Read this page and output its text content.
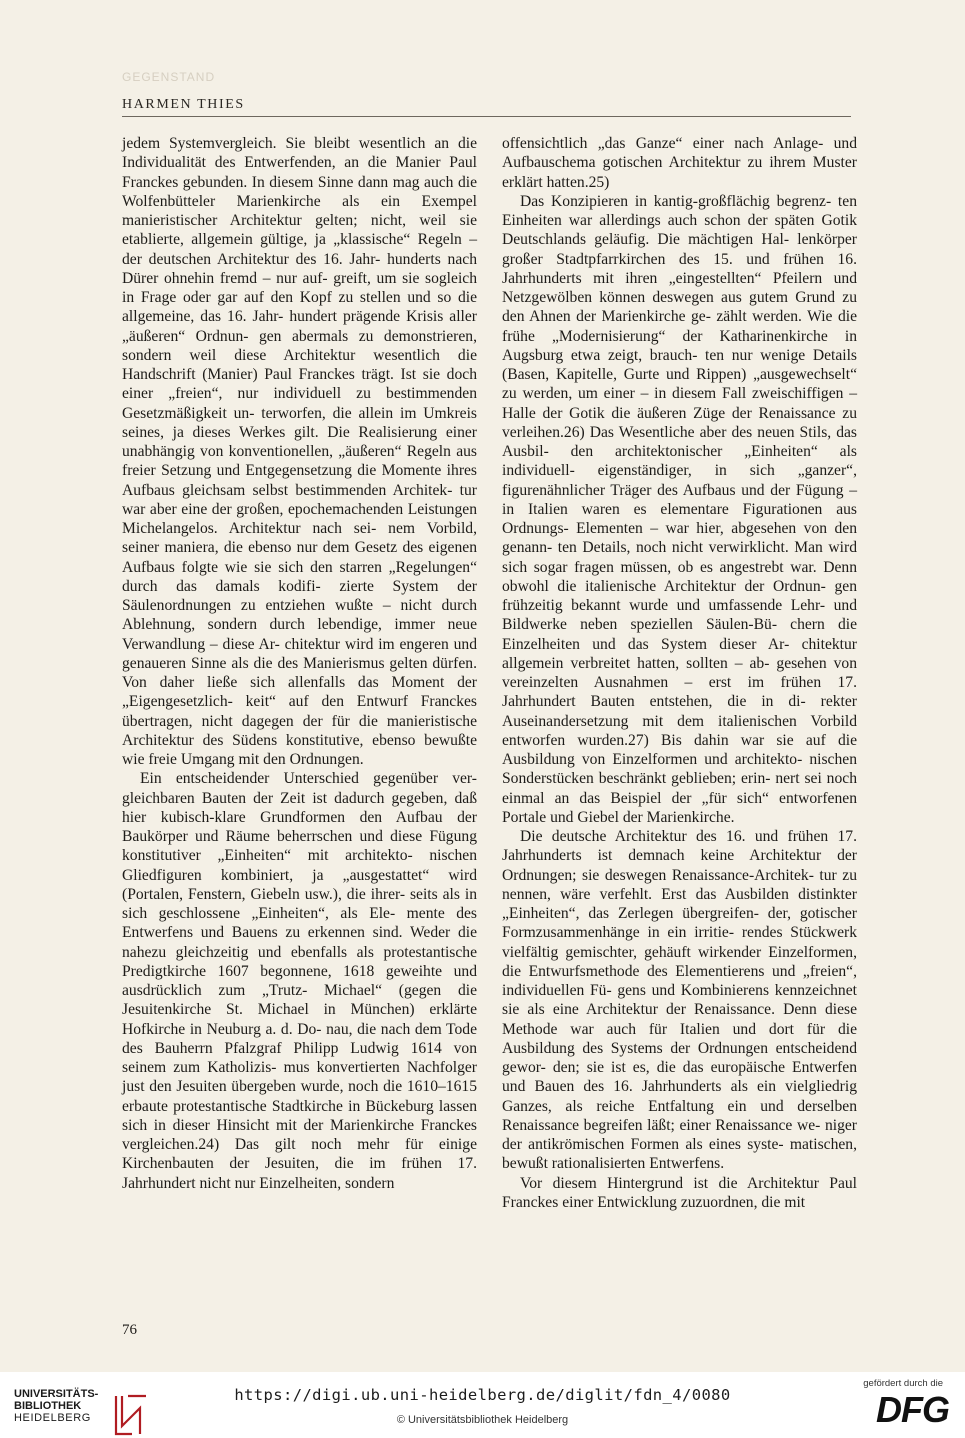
GEGENSTAND
HARMEN THIES

jedem Systemvergleich. Sie bleibt wesentlich an die Individualität des Entwerfenden, an die Manier Paul Franckes gebunden. In diesem Sinne dann mag auch die Wolfenbütteler Marienkirche als ein Exempel manieristischer Architektur gelten; nicht, weil sie etablierte, allgemein gültige, ja „klassische“ Regeln – der deutschen Architektur des 16. Jahr- hunderts nach Dürer ohnehin fremd – nur auf- greift, um sie sogleich in Frage oder gar auf den Kopf zu stellen und so die allgemeine, das 16. Jahr- hundert prägende Krisis aller „äußeren“ Ordnun- gen abermals zu demonstrieren, sondern weil diese Architektur wesentlich die Handschrift (Manier) Paul Franckes trägt. Ist sie doch einer „freien“, nur individuell zu bestimmenden Gesetzmäßigkeit un- terworfen, die allein im Umkreis seines, ja dieses Werkes gilt. Die Realisierung einer unabhängig von konventionellen, „äußeren“ Regeln aus freier Setzung und Entgegensetzung die Momente ihres Aufbaus gleichsam selbst bestimmenden Architek- tur war aber eine der großen, epochemachenden Leistungen Michelangelos. Architektur nach sei- nem Vorbild, seiner maniera, die ebenso nur dem Gesetz des eigenen Aufbaus folgte wie sie sich den starren „Regelungen“ durch das damals kodifi- zierte System der Säulenordnungen zu entziehen wußte – nicht durch Ablehnung, sondern durch lebendige, immer neue Verwandlung – diese Ar- chitektur wird im engeren und genaueren Sinne als die des Manierismus gelten dürfen. Von daher ließe sich allenfalls das Moment der „Eigengesetzlich- keit“ auf den Entwurf Franckes übertragen, nicht dagegen der für die manieristische Architektur des Südens konstitutive, ebenso bewußte wie freie Umgang mit den Ordnungen.

Ein entscheidender Unterschied gegenüber ver- gleichbaren Bauten der Zeit ist dadurch gegeben, daß hier kubisch-klare Grundformen den Aufbau der Baukörper und Räume beherrschen und diese Fügung konstitutiver „Einheiten“ mit architekto- nischen Gliedfiguren kombiniert, ja „ausgestattet“ wird (Portalen, Fenstern, Giebeln usw.), die ihrer- seits als in sich geschlossene „Einheiten“, als Ele- mente des Entwerfens und Bauens zu erkennen sind. Weder die nahezu gleichzeitig und ebenfalls als protestantische Predigtkirche 1607 begonnene, 1618 geweihte und ausdrücklich zum „Trutz- Michael“ (gegen die Jesuitenkirche St. Michael in München) erklärte Hofkirche in Neuburg a. d. Do- nau, die nach dem Tode des Bauherrn Pfalzgraf Philipp Ludwig 1614 von seinem zum Katholizis- mus konvertierten Nachfolger just den Jesuiten übergeben wurde, noch die 1610–1615 erbaute protestantische Stadtkirche in Bückeburg lassen sich in dieser Hinsicht mit der Marienkirche Franckes vergleichen.24) Das gilt noch mehr für einige Kirchenbauten der Jesuiten, die im frühen 17. Jahrhundert nicht nur Einzelheiten, sondern

offensichtlich „das Ganze“ einer nach Anlage- und Aufbauschema gotischen Architektur zu ihrem Muster erklärt hatten.25)

Das Konzipieren in kantig-großflächig begrenz- ten Einheiten war allerdings auch schon der späten Gotik Deutschlands geläufig. Die mächtigen Hal- lenkörper großer Stadtpfarrkirchen des 15. und frühen 16. Jahrhunderts mit ihren „eingestellten“ Pfeilern und Netzgewölben können deswegen aus gutem Grund zu den Ahnen der Marienkirche ge- zählt werden. Wie die frühe „Modernisierung“ der Katharinenkirche in Augsburg etwa zeigt, brauch- ten nur wenige Details (Basen, Kapitelle, Gurte und Rippen) „ausgewechselt“ zu werden, um einer – in diesem Fall zweischiffigen – Halle der Gotik die äußeren Züge der Renaissance zu verleihen.26) Das Wesentliche aber des neuen Stils, das Ausbil- den architektonischer „Einheiten“ als individuell- eigenständiger, in sich „ganzer“, figurenähnlicher Träger des Aufbaus und der Fügung – in Italien waren es elementare Figurationen aus Ordnungs- Elementen – war hier, abgesehen von den genann- ten Details, noch nicht verwirklicht. Man wird sich sogar fragen müssen, ob es angestrebt war. Denn obwohl die italienische Architektur der Ordnun- gen frühzeitig bekannt wurde und umfassende Lehr- und Bildwerke neben speziellen Säulen-Bü- chern die Einzelheiten und das System dieser Ar- chitektur allgemein verbreitet hatten, sollten – ab- gesehen von vereinzelten Ausnahmen – erst im frühen 17. Jahrhundert Bauten entstehen, die in di- rekter Auseinandersetzung mit dem italienischen Vorbild entworfen wurden.27) Bis dahin war sie auf die Ausbildung von Einzelformen und architekto- nischen Sonderstücken beschränkt geblieben; erin- nert sei noch einmal an das Beispiel der „für sich“ entworfenen Portale und Giebel der Marienkirche.

Die deutsche Architektur des 16. und frühen 17. Jahrhunderts ist demnach keine Architektur der Ordnungen; sie deswegen Renaissance-Architek- tur zu nennen, wäre verfehlt. Erst das Ausbilden distinkter „Einheiten“, das Zerlegen übergreifen- der, gotischer Formzusammenhänge in ein irritie- rendes Stückwerk vielfältig gemischter, gehäuft wirkender Einzelformen, die Entwurfsmethode des Elementierens und „freien“, individuellen Fü- gens und Kombinierens kennzeichnet sie als eine Architektur der Renaissance. Denn diese Methode war auch für Italien und dort für die Ausbildung des Systems der Ordnungen entscheidend gewor- den; sie ist es, die das europäische Entwerfen und Bauen des 16. Jahrhunderts als ein vielgliedrig Ganzes, als reiche Entfaltung ein und derselben Renaissance begreifen läßt; einer Renaissance we- niger der antikrömischen Formen als eines syste- matischen, bewußt rationalisierten Entwerfens.

Vor diesem Hintergrund ist die Architektur Paul Franckes einer Entwicklung zuzuordnen, die mit

76
UNIVERSITÄTS-
BIBLIOTHEK
HEIDELBERG
https://digi.ub.uni-heidelberg.de/diglit/fdn_4/0080
© Universitätsbibliothek Heidelberg
gefördert durch die
DFG
